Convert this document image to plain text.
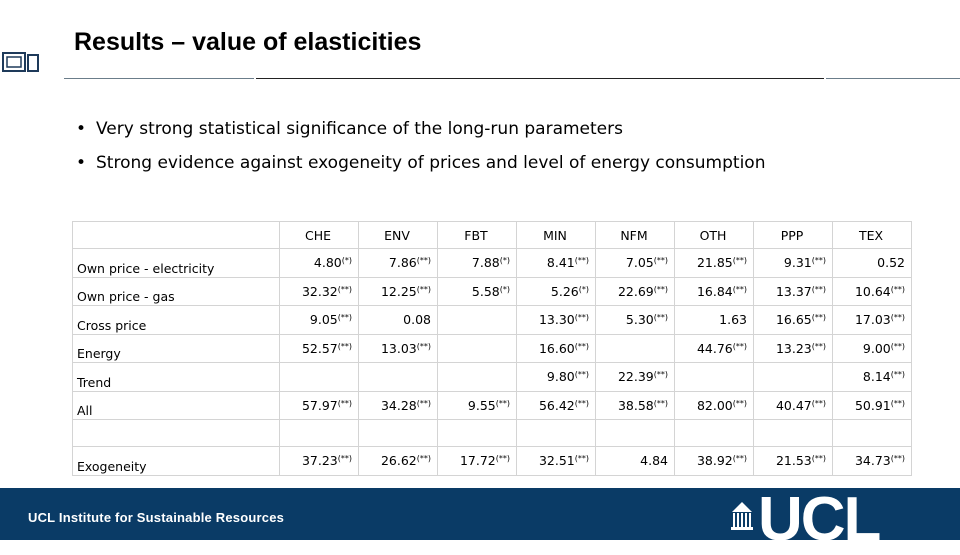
Results – value of elasticities
• Very strong statistical significance of the long-run parameters
• Strong evidence against exogeneity of prices and level of energy consumption
	CHE	ENV	FBT	MIN	NFM	OTH	PPP	TEX
Own price - electricity	4.80(*)	7.86(**)	7.88(*)	8.41(**)	7.05(**)	21.85(**)	9.31(**)	0.52
Own price - gas	32.32(**)	12.25(**)	5.58(*)	5.26(*)	22.69(**)	16.84(**)	13.37(**)	10.64(**)
Cross price	9.05(**)	0.08		13.30(**)	5.30(**)	1.63	16.65(**)	17.03(**)
Energy	52.57(**)	13.03(**)		16.60(**)		44.76(**)	13.23(**)	9.00(**)
Trend				9.80(**)	22.39(**)			8.14(**)
All	57.97(**)	34.28(**)	9.55(**)	56.42(**)	38.58(**)	82.00(**)	40.47(**)	50.91(**)

Exogeneity	37.23(**)	26.62(**)	17.72(**)	32.51(**)	4.84	38.92(**)	21.53(**)	34.73(**)
UCL Institute for Sustainable Resources	UCL
